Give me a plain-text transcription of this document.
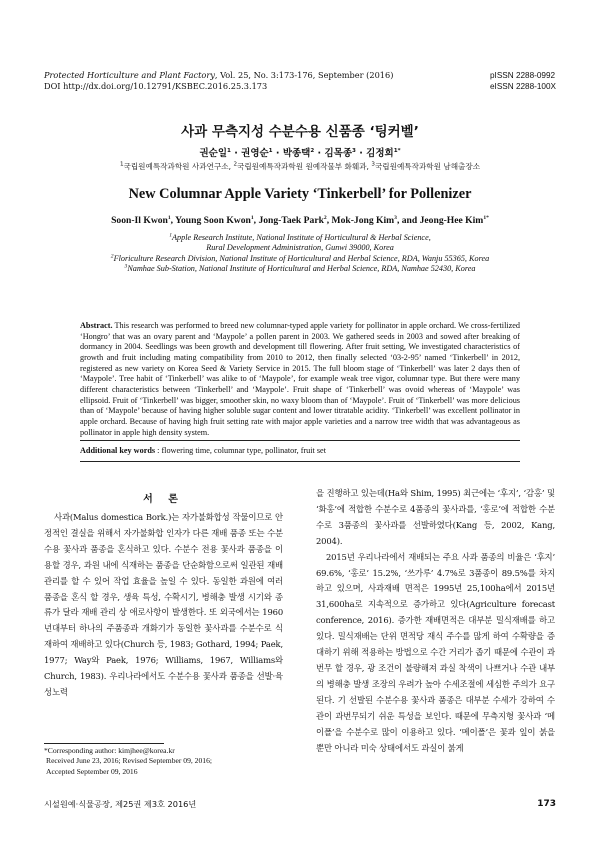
Protected Horticulture and Plant Factory, Vol. 25, No. 3:173-176, September (2016)
DOI http://dx.doi.org/10.12791/KSBEC.2016.25.3.173
pISSN 2288-0992
eISSN 2288-100X
사과 무측지성 수분수용 신품종 ‘팅커벨’
권순일$^1$ · 권영순$^1$ · 박종택$^2$ · 김목종$^3$ · 김정희$^{1*}$
$^1$국립원예특작과학원 사과연구소, $^2$국립원예특작과학원 원예작물부 화훼과, $^3$국립원예특작과학원 남해출장소
New Columnar Apple Variety ‘Tinkerbell’ for Pollenizer
Soon-Il Kwon$^1$, Young Soon Kwon$^1$, Jong-Taek Park$^2$, Mok-Jong Kim$^3$, and Jeong-Hee Kim$^{1*}$
$^1$Apple Research Institute, National Institute of Horticultural & Herbal Science,
Rural Development Administration, Gunwi 39000, Korea
$^2$Floriculture Research Division, National Institute of Horticultural and Herbal Science, RDA, Wanju 55365, Korea
$^3$Namhae Sub-Station, National Institute of Horticultural and Herbal Science, RDA, Namhae 52430, Korea
Abstract. This research was performed to breed new columnar-typed apple variety for pollinator in apple orchard. We cross-fertilized ‘Hongro’ that was an ovary parent and ‘Maypole’ a pollen parent in 2003. We gathered seeds in 2003 and sowed after breaking of dormancy in 2004. Seedlings was been growth and development till flowering. After fruit setting, We investigated characteristics of growth and fruit including mating compatibility from 2010 to 2012, then finally selected ‘03-2-95’ named ‘Tinkerbell’ in 2012, registered as new variety on Korea Seed & Variety Service in 2015. The full bloom stage of ‘Tinkerbell’ was later 2 days then of ‘Maypole’. Tree habit of ‘Tinkerbell’ was alike to of ‘Maypole’, for example weak tree vigor, columnar type. But there were many different characteristics between ‘Tinkerbell’ and ‘Maypole’. Fruit shape of ‘Tinkerbell’ was ovoid whereas of ‘Maypole’ was ellipsoid. Fruit of ‘Tinkerbell’ was bigger, smoother skin, no waxy bloom than of ‘Maypole’. Fruit of ‘Tinkerbell’ was more delicious than of ‘Maypole’ because of having higher soluble sugar content and lower titratable acidity. ‘Tinkerbell’ was excellent pollinator in apple orchard. Because of having high fruit setting rate with major apple varieties and a narrow tree width that was advantageous as pollinator in apple high density system.
Additional key words : flowering time, columnar type, pollinator, fruit set
서 론

사과(Malus domestica Bork.)는 자가불화합성 작물이므로 안정적인 결실을 위해서 자가불화합 인자가 다른 재배 품종 또는 수분수용 꽃사과 품종을 혼식하고 있다. 수분수 전용 꽃사과 품종을 이용할 경우, 과원 내에 식재하는 품종을 단순화함으로써 일관된 재배관리를 할 수 있어 작업 효율을 높일 수 있다. 동일한 과원에 여러 품종을 혼식 할 경우, 생육 특성, 수확시기, 병해충 발생 시기와 종류가 달라 재배 관리 상 애로사항이 발생한다. 또 외국에서는 1960년대부터 하나의 주품종과 개화기가 동일한 꽃사과를 수분수로 식재하여 재배하고 있다(Church 등, 1983; Gothard, 1994; Paek, 1977; Way와 Paek, 1976; Williams, 1967, Williams와 Church, 1983). 우리나라에서도 수분수용 꽃사과 품종을 선발·육성노력

을 진행하고 있는데(Ha와 Shim, 1995) 최근에는 ‘후지’, ‘감홍’ 및 ‘화홍’에 적합한 수분수로 4품종의 꽃사과를, ‘홍로’에 적합한 수분수로 3품종의 꽃사과를 선발하였다(Kang 등, 2002, Kang, 2004).

2015년 우리나라에서 재배되는 주요 사과 품종의 비율은 ‘후지’ 69.6%, ‘홍로’ 15.2%, ‘쓰가루’ 4.7%로 3품종이 89.5%를 차지하고 있으며, 사과재배 면적은 1995년 25,100ha에서 2015년 31,600ha로 지속적으로 증가하고 있다(Agriculture forecast conference, 2016). 증가한 재배면적은 대부분 밀식재배를 하고 있다. 밀식재배는 단위 면적당 재식 주수를 많게 하여 수확량을 증대하기 위해 적용하는 방법으로 수간 거리가 좁기 때문에 수관이 과번무 할 경우, 광 조건이 불량해져 과실 착색이 나쁘거나 수관 내부의 병해충 발생 조장의 우려가 높아 수세조절에 세심한 주의가 요구된다. 기 선발된 수분수용 꽃사과 품종은 대부분 수세가 강하여 수관이 과번무되기 쉬운 특성을 보인다. 때문에 무측지형 꽃사과 ‘메이폴’을 수분수로 많이 이용하고 있다. ‘메이폴’은 꽃과 잎이 붉을 뿐만 아니라 미숙 상태에서도 과실이 붉게

*Corresponding author: kimjhee@korea.kr
Received June 23, 2016; Revised September 09, 2016;
Accepted September 09, 2016
시설원예·식물공장, 제25권 제3호 2016년	173
